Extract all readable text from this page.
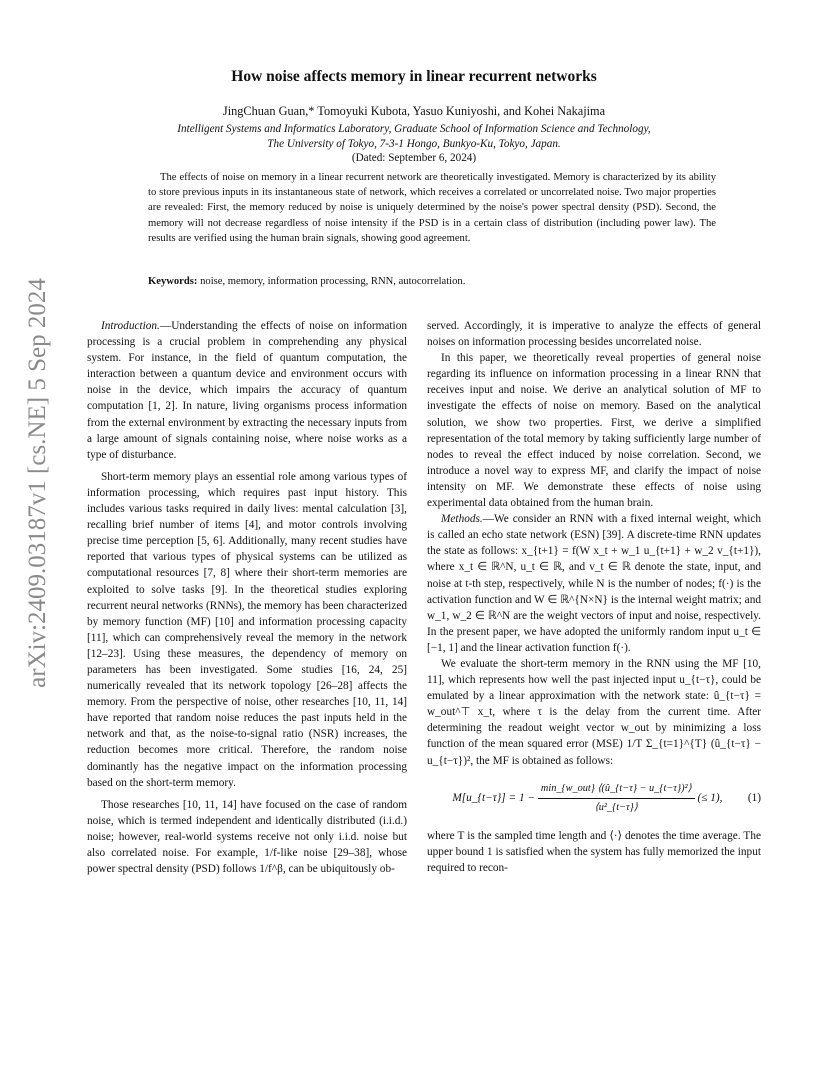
arXiv:2409.03187v1 [cs.NE] 5 Sep 2024
How noise affects memory in linear recurrent networks
JingChuan Guan,* Tomoyuki Kubota, Yasuo Kuniyoshi, and Kohei Nakajima
Intelligent Systems and Informatics Laboratory, Graduate School of Information Science and Technology,
The University of Tokyo, 7-3-1 Hongo, Bunkyo-Ku, Tokyo, Japan.
(Dated: September 6, 2024)
The effects of noise on memory in a linear recurrent network are theoretically investigated. Memory is characterized by its ability to store previous inputs in its instantaneous state of network, which receives a correlated or uncorrelated noise. Two major properties are revealed: First, the memory reduced by noise is uniquely determined by the noise's power spectral density (PSD). Second, the memory will not decrease regardless of noise intensity if the PSD is in a certain class of distribution (including power law). The results are verified using the human brain signals, showing good agreement.
Keywords: noise, memory, information processing, RNN, autocorrelation.

Introduction.—Understanding the effects of noise on information processing is a crucial problem in comprehending any physical system. For instance, in the field of quantum computation, the interaction between a quantum device and environment occurs with noise in the device, which impairs the accuracy of quantum computation [1, 2]. In nature, living organisms process information from the external environment by extracting the necessary inputs from a large amount of signals containing noise, where noise works as a type of disturbance.

Short-term memory plays an essential role among various types of information processing, which requires past input history. This includes various tasks required in daily lives: mental calculation [3], recalling brief number of items [4], and motor controls involving precise time perception [5, 6]. Additionally, many recent studies have reported that various types of physical systems can be utilized as computational resources [7, 8] where their short-term memories are exploited to solve tasks [9]. In the theoretical studies exploring recurrent neural networks (RNNs), the memory has been characterized by memory function (MF) [10] and information processing capacity [11], which can comprehensively reveal the memory in the network [12–23]. Using these measures, the dependency of memory on parameters has been investigated. Some studies [16, 24, 25] numerically revealed that its network topology [26–28] affects the memory. From the perspective of noise, other researches [10, 11, 14] have reported that random noise reduces the past inputs held in the network and that, as the noise-to-signal ratio (NSR) increases, the reduction becomes more critical. Therefore, the random noise dominantly has the negative impact on the information processing based on the short-term memory.

Those researches [10, 11, 14] have focused on the case of random noise, which is termed independent and identically distributed (i.i.d.) noise; however, real-world systems receive not only i.i.d. noise but also correlated noise. For example, 1/f-like noise [29–38], whose power spectral density (PSD) follows 1/f^β, can be ubiquitously ob-

served. Accordingly, it is imperative to analyze the effects of general noises on information processing besides uncorrelated noise.

In this paper, we theoretically reveal properties of general noise regarding its influence on information processing in a linear RNN that receives input and noise. We derive an analytical solution of MF to investigate the effects of noise on memory. Based on the analytical solution, we show two properties. First, we derive a simplified representation of the total memory by taking sufficiently large number of nodes to reveal the effect induced by noise correlation. Second, we introduce a novel way to express MF, and clarify the impact of noise intensity on MF. We demonstrate these effects of noise using experimental data obtained from the human brain.

Methods.—We consider an RNN with a fixed internal weight, which is called an echo state network (ESN) [39]. A discrete-time RNN updates the state as follows: x_{t+1} = f(W x_t + w_1 u_{t+1} + w_2 v_{t+1}), where x_t ∈ ℝ^N, u_t ∈ ℝ, and v_t ∈ ℝ denote the state, input, and noise at t-th step, respectively, while N is the number of nodes; f(·) is the activation function and W ∈ ℝ^{N×N} is the internal weight matrix; and w_1, w_2 ∈ ℝ^N are the weight vectors of input and noise, respectively. In the present paper, we have adopted the uniformly random input u_t ∈ [−1, 1] and the linear activation function f(·).

We evaluate the short-term memory in the RNN using the MF [10, 11], which represents how well the past injected input u_{t−τ}, could be emulated by a linear approximation with the network state: û_{t−τ} = w_out^⊤ x_t, where τ is the delay from the current time. After determining the readout weight vector w_out by minimizing a loss function of the mean squared error (MSE) 1/T Σ_{t=1}^{T} (û_{t−τ} − u_{t−τ})², the MF is obtained as follows:

M[u_{t−τ}] = $1 - \frac{\text{min\_\{w\_out\} ⟨(û\_\{t−τ\} − u\_\{t−τ\})²⟩}}{\text{⟨u²\_\{t−τ\}⟩}}$ (≤ 1),	(1)

where T is the sampled time length and ⟨·⟩ denotes the time average. The upper bound 1 is satisfied when the system has fully memorized the input required to recon-
